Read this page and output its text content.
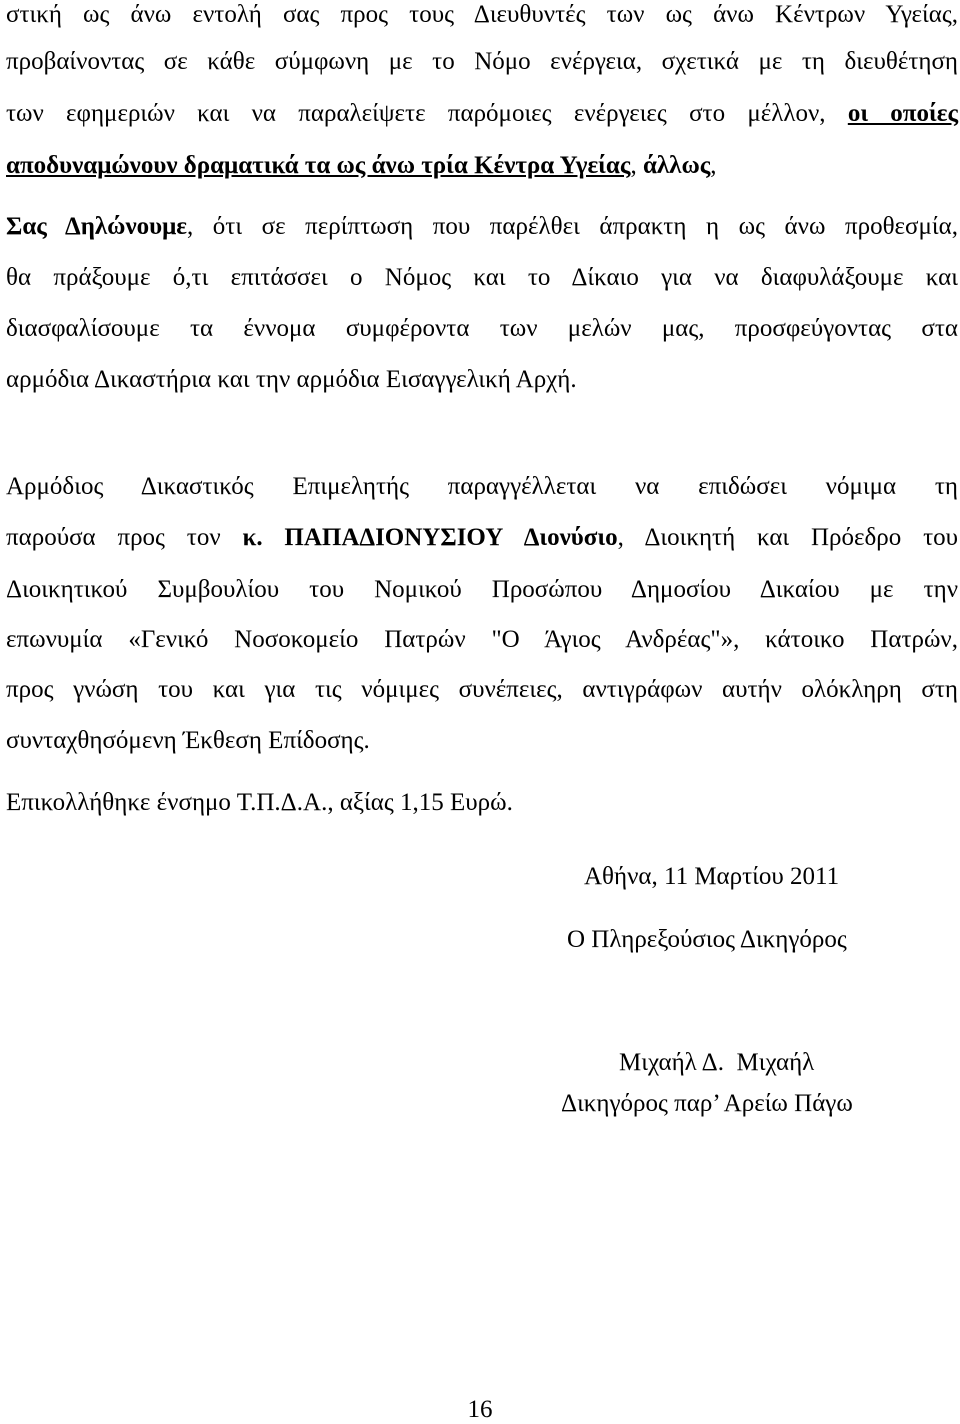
στική ως άνω εντολή σας προς τους Διευθυντές των ως άνω Κέντρων Υγείας,
προβαίνοντας σε κάθε σύμφωνη με το Νόμο ενέργεια, σχετικά με τη διευθέτηση
των εφημεριών και να παραλείψετε παρόμοιες ενέργειες στο μέλλον, οι οποίες
αποδυναμώνουν δραματικά τα ως άνω τρία Κέντρα Υγείας, άλλως,
Σας Δηλώνουμε, ότι σε περίπτωση που παρέλθει άπρακτη η ως άνω προθεσμία,
θα πράξουμε ό,τι επιτάσσει ο Νόμος και το Δίκαιο για να διαφυλάξουμε και
διασφαλίσουμε τα έννομα συμφέροντα των μελών μας, προσφεύγοντας στα
αρμόδια Δικαστήρια και την αρμόδια Εισαγγελική Αρχή.
Αρμόδιος Δικαστικός Επιμελητής παραγγέλλεται να επιδώσει νόμιμα τη
παρούσα προς τον κ. ΠΑΠΑΔΙΟΝΥΣΙΟΥ Διονύσιο, Διοικητή και Πρόεδρο του
Διοικητικού Συμβουλίου του Νομικού Προσώπου Δημοσίου Δικαίου με την
επωνυμία «Γενικό Νοσοκομείο Πατρών "Ο Άγιος Ανδρέας"», κάτοικο Πατρών,
προς γνώση του και για τις νόμιμες συνέπειες, αντιγράφων αυτήν ολόκληρη στη
συνταχθησόμενη Έκθεση Επίδοσης.
Επικολλήθηκε ένσημο Τ.Π.Δ.Α., αξίας 1,15 Ευρώ.
Αθήνα, 11 Μαρτίου 2011
Ο Πληρεξούσιος Δικηγόρος
Μιχαήλ Δ.  Μιχαήλ
Δικηγόρος παρ’ Αρείω Πάγω
16
